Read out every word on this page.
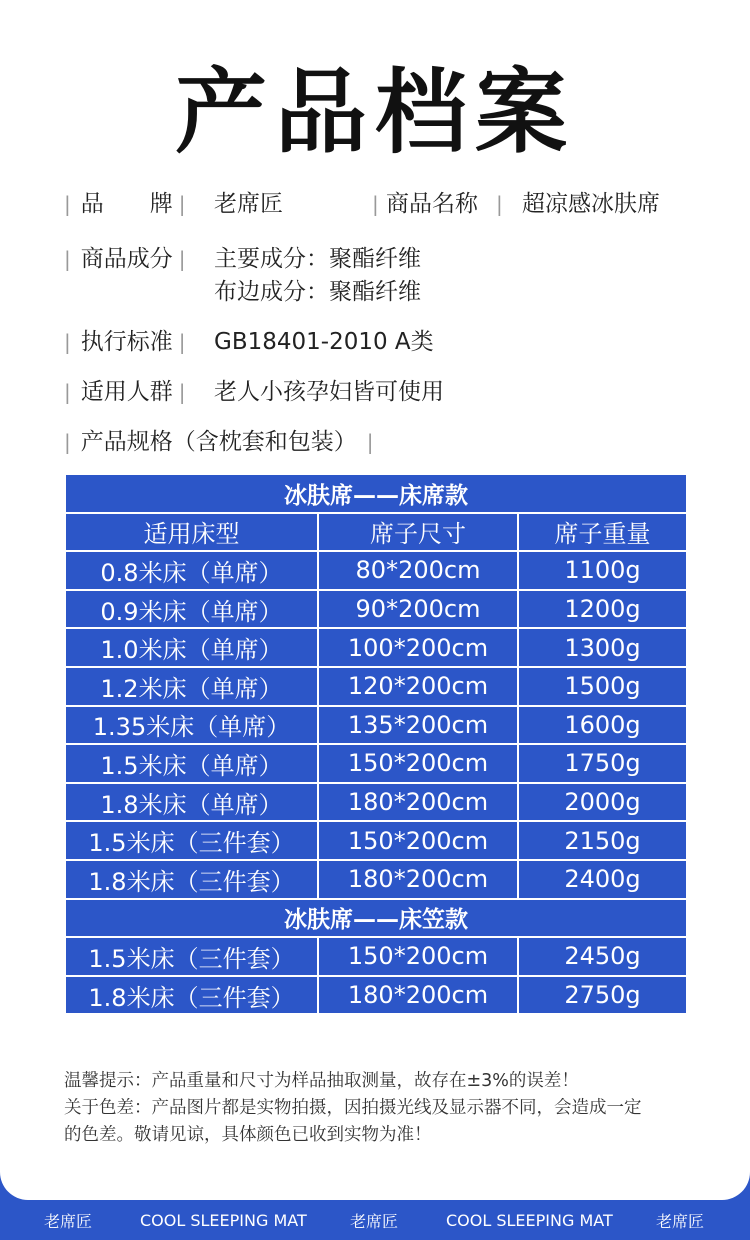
产品档案
| 品　　牌 | 老席匠	| 商品名称 | 超凉感冰肤席
| 商品成分 | 主要成分：聚酯纤维
布边成分：聚酯纤维
| 执行标准 | GB18401-2010 A类
| 适用人群 | 老人小孩孕妇皆可使用
| 产品规格（含枕套和包装） |
冰肤席——床席款		
适用床型	席子尺寸	席子重量
0.8米床（单席）	80*200cm	1100g
0.9米床（单席）	90*200cm	1200g
1.0米床（单席）	100*200cm	1300g
1.2米床（单席）	120*200cm	1500g
1.35米床（单席）	135*200cm	1600g
1.5米床（单席）	150*200cm	1750g
1.8米床（单席）	180*200cm	2000g
1.5米床（三件套）	150*200cm	2150g
1.8米床（三件套）	180*200cm	2400g
冰肤席——床笠款		
1.5米床（三件套）	150*200cm	2450g
1.8米床（三件套）	180*200cm	2750g
温馨提示：产品重量和尺寸为样品抽取测量，故存在±3%的误差！
关于色差：产品图片都是实物拍摄，因拍摄光线及显示器不同，会造成一定
的色差。敬请见谅，具体颜色已收到实物为准！
老席匠	COOL SLEEPING MAT	老席匠	COOL SLEEPING MAT	老席匠
